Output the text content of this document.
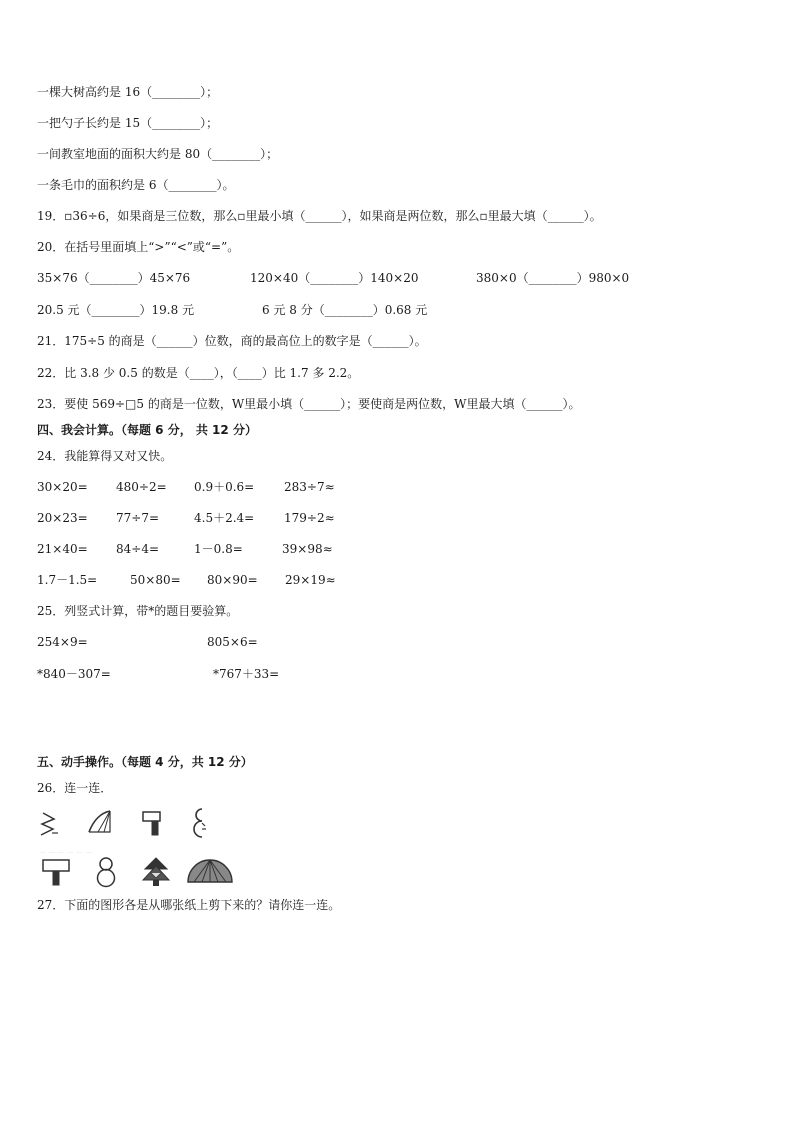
一棵大树高约是 16（________）；
一把勺子长约是 15（________）；
一间教室地面的面积大约是 80（________）；
一条毛巾的面积约是 6（________）。
19．▫36÷6，如果商是三位数，那么▫里最小填（______），如果商是两位数，那么▫里最大填（______）。
20．在括号里面填上“>”“<”或“=”。
35×76（________）45×76	120×40（________）140×20	380×0（________）980×0
20.5 元（________）19.8 元	6 元 8 分（________）0.68 元
21．175÷5 的商是（______）位数，商的最高位上的数字是（______）。
22．比 3.8 少 0.5 的数是（____），（____）比 1.7 多 2.2。
23．要使 569÷□5 的商是一位数，W里最小填（______）；要使商是两位数，W里最大填（______）。
四、我会计算。（每题 6 分， 共 12 分）
24．我能算得又对又快。
30×20= 480÷2= 0.9＋0.6= 283÷7≈
20×23= 77÷7=	4.5＋2.4= 179÷2≈
21×40= 84÷4=	1－0.8=	39×98≈
1.7－1.5=	50×80= 80×90= 29×19≈
25．列竖式计算，带*的题目要验算。
254×9=	805×6=
*840－307=	*767＋33=
五、动手操作。（每题 4 分，共 12 分）
26．连一连．
— — — — — —
27．下面的图形各是从哪张纸上剪下来的？请你连一连。
